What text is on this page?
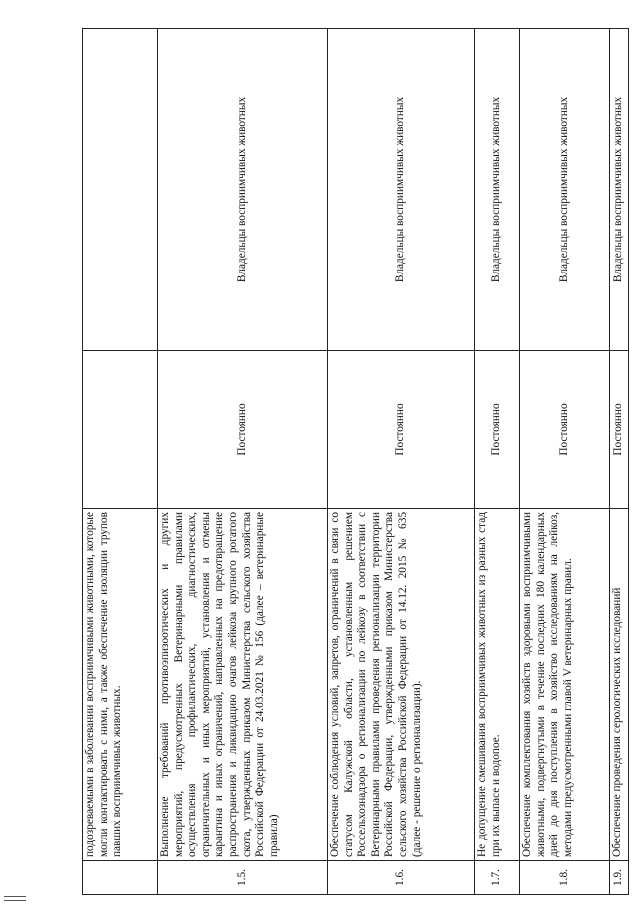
	подозреваемыми в заболевании восприимчивыми животными, которые могли контактировать с ними, а также обеспечение изоляции трупов павших восприимчивых животных.		
1.5.	Выполнение требований противоэпизоотических и других мероприятий, предусмотренных Ветеринарными правилами осуществления профилактических, диагностических, ограничительных и иных мероприятий, установления и отмены карантина и иных ограничений, направленных на предотвращение распространения и ликвидацию очагов лейкоза крупного рогатого скота, утвержденных приказом Министерства сельского хозяйства Российской Федерации от 24.03.2021 № 156 (далее – ветеринарные правила)	Постоянно	Владельцы восприимчивых животных
1.6.	Обеспечение соблюдения условий, запретов, ограничений в связи со статусом Калужской области, установленным решением Россельхознадзора о регионализации по лейкозу в соответствии с Ветеринарными правилами проведения регионализации территории Российской Федерации, утвержденными приказом Министерства сельского хозяйства Российской Федерации от 14.12. 2015 № 635 (далее - решение о регионализации).	Постоянно	Владельцы восприимчивых животных
1.7.	Не допущение смешивания восприимчивых животных из разных стад при их выпасе и водопое.	Постоянно	Владельцы восприимчивых животных
1.8.	Обеспечение комплектования хозяйств здоровыми восприимчивыми животными, подвергнутыми в течение последних 180 календарных дней до дня поступления в хозяйство исследованиям на лейкоз, методами предусмотренными главой V ветеринарных правил.	Постоянно	Владельцы восприимчивых животных
1.9.	Обеспечение проведения серологических исследований	Постоянно	Владельцы восприимчивых животных
